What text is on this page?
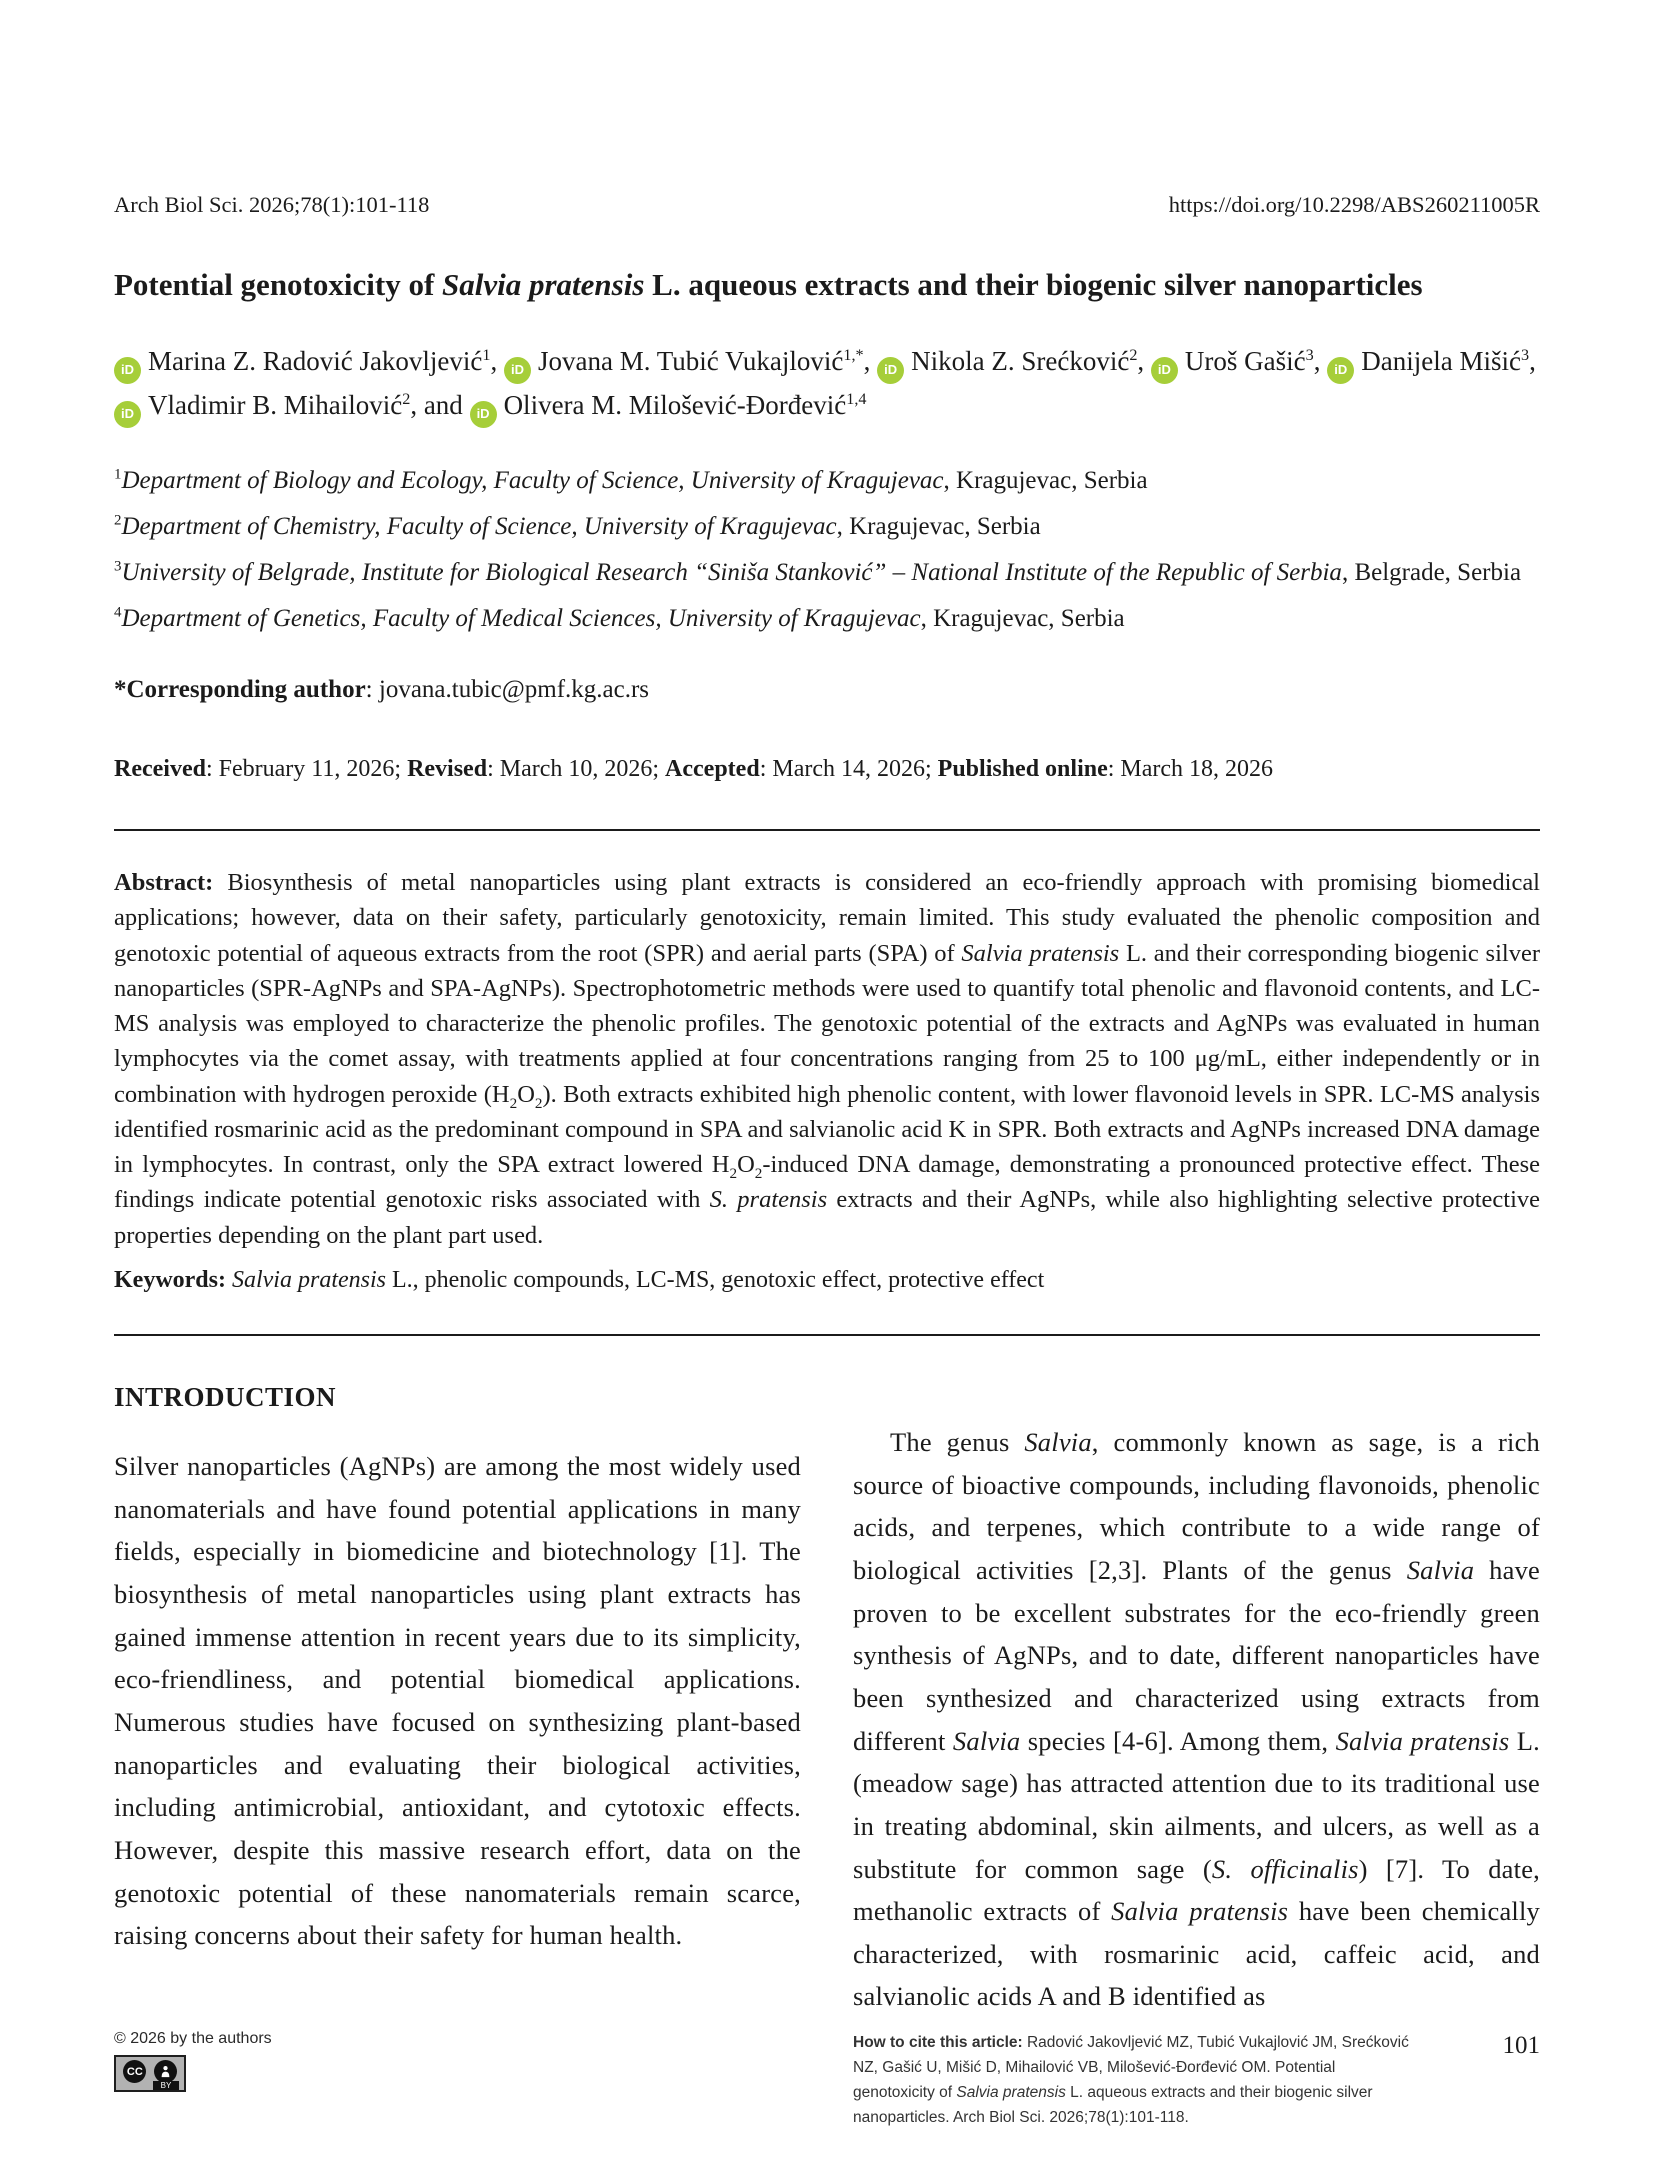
Arch Biol Sci. 2026;78(1):101-118	https://doi.org/10.2298/ABS260211005R
Potential genotoxicity of Salvia pratensis L. aqueous extracts and their biogenic silver nanoparticles
iD Marina Z. Radović Jakovljević$^1$, iD Jovana M. Tubić Vukajlović$^{1,*}$, iD Nikola Z. Srećković$^2$, iD Uroš Gašić$^3$, iD Danijela Mišić$^3$, iD Vladimir B. Mihailović$^2$, and iD Olivera M. Milošević-Đorđević$^{1,4}$
$^1$Department of Biology and Ecology, Faculty of Science, University of Kragujevac, Kragujevac, Serbia
$^2$Department of Chemistry, Faculty of Science, University of Kragujevac, Kragujevac, Serbia
$^3$University of Belgrade, Institute for Biological Research “Siniša Stanković” – National Institute of the Republic of Serbia, Belgrade, Serbia
$^4$Department of Genetics, Faculty of Medical Sciences, University of Kragujevac, Kragujevac, Serbia
*Corresponding author: jovana.tubic@pmf.kg.ac.rs
Received: February 11, 2026; Revised: March 10, 2026; Accepted: March 14, 2026; Published online: March 18, 2026

Abstract: Biosynthesis of metal nanoparticles using plant extracts is considered an eco-friendly approach with promising biomedical applications; however, data on their safety, particularly genotoxicity, remain limited. This study evaluated the phenolic composition and genotoxic potential of aqueous extracts from the root (SPR) and aerial parts (SPA) of Salvia pratensis L. and their corresponding biogenic silver nanoparticles (SPR-AgNPs and SPA-AgNPs). Spectrophotometric methods were used to quantify total phenolic and flavonoid contents, and LC-MS analysis was employed to characterize the phenolic profiles. The genotoxic potential of the extracts and AgNPs was evaluated in human lymphocytes via the comet assay, with treatments applied at four concentrations ranging from 25 to 100 μg/mL, either independently or in combination with hydrogen peroxide $(H_2O_2)$. Both extracts exhibited high phenolic content, with lower flavonoid levels in SPR. LC-MS analysis identified rosmarinic acid as the predominant compound in SPA and salvianolic acid K in SPR. Both extracts and AgNPs increased DNA damage in lymphocytes. In contrast, only the SPA extract lowered $H_2O_2$-induced DNA damage, demonstrating a pronounced protective effect. These findings indicate potential genotoxic risks associated with S. pratensis extracts and their AgNPs, while also highlighting selective protective properties depending on the plant part used.

Keywords: Salvia pratensis L., phenolic compounds, LC-MS, genotoxic effect, protective effect

INTRODUCTION

Silver nanoparticles (AgNPs) are among the most widely used nanomaterials and have found potential applications in many fields, especially in biomedicine and biotechnology [1]. The biosynthesis of metal nanoparticles using plant extracts has gained immense attention in recent years due to its simplicity, eco-friendliness, and potential biomedical applications. Numerous studies have focused on synthesizing plant-based nanoparticles and evaluating their biological activities, including antimicrobial, antioxidant, and cytotoxic effects. However, despite this massive research effort, data on the genotoxic potential of these nanomaterials remain scarce, raising concerns about their safety for human health.

The genus Salvia, commonly known as sage, is a rich source of bioactive compounds, including flavonoids, phenolic acids, and terpenes, which contribute to a wide range of biological activities [2,3]. Plants of the genus Salvia have proven to be excellent substrates for the eco-friendly green synthesis of AgNPs, and to date, different nanoparticles have been synthesized and characterized using extracts from different Salvia species [4-6]. Among them, Salvia pratensis L. (meadow sage) has attracted attention due to its traditional use in treating abdominal, skin ailments, and ulcers, as well as a substitute for common sage (S. officinalis) [7]. To date, methanolic extracts of Salvia pratensis have been chemically characterized, with rosmarinic acid, caffeic acid, and salvianolic acids A and B identified as

© 2026 by the authors
CC
BY
How to cite this article: Radović Jakovljević MZ, Tubić Vukajlović JM, Srećković NZ, Gašić U, Mišić D, Mihailović VB, Milošević-Đorđević OM. Potential genotoxicity of Salvia pratensis L. aqueous extracts and their biogenic silver nanoparticles. Arch Biol Sci. 2026;78(1):101-118.
101
